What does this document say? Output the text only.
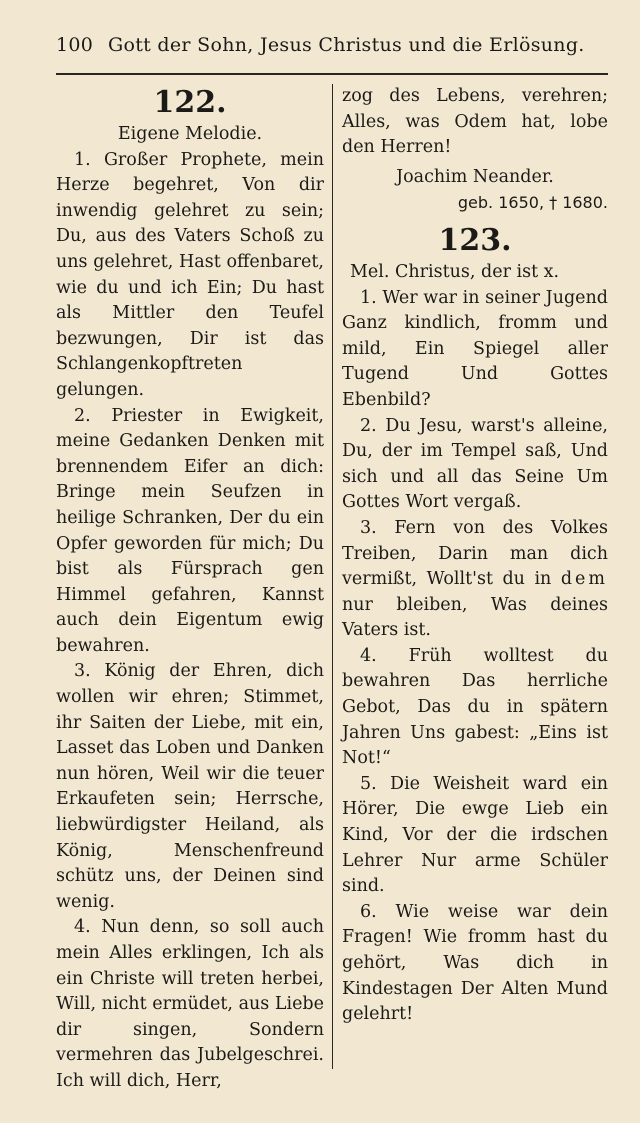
100 Gott der Sohn, Jesus Christus und die Erlösung.
122.
Eigene Melodie.

1. Großer Prophete, mein Herze begehret, Von dir inwendig gelehret zu sein; Du, aus des Vaters Schoß zu uns gelehret, Hast offenbaret, wie du und ich Ein; Du hast als Mittler den Teufel bezwungen, Dir ist das Schlangenkopftreten gelungen.

2. Priester in Ewigkeit, meine Gedanken Denken mit brennendem Eifer an dich: Bringe mein Seufzen in heilige Schranken, Der du ein Opfer geworden für mich; Du bist als Fürsprach gen Himmel gefahren, Kannst auch dein Eigentum ewig bewahren.

3. König der Ehren, dich wollen wir ehren; Stimmet, ihr Saiten der Liebe, mit ein, Lasset das Loben und Danken nun hören, Weil wir die teuer Erkaufeten sein; Herrsche, liebwürdigster Heiland, als König, Menschenfreund schütz uns, der Deinen sind wenig.

4. Nun denn, so soll auch mein Alles erklingen, Ich als ein Christe will treten herbei, Will, nicht ermüdet, aus Liebe dir singen, Sondern vermehren das Jubelgeschrei. Ich will dich, Herr,

zog des Lebens, verehren; Alles, was Odem hat, lobe den Herren!

Joachim Neander.
geb. 1650, † 1680.
123.
Mel. Christus, der ist x.

1. Wer war in seiner Jugend Ganz kindlich, fromm und mild, Ein Spiegel aller Tugend Und Gottes Ebenbild?

2. Du Jesu, warst's alleine, Du, der im Tempel saß, Und sich und all das Seine Um Gottes Wort vergaß.

3. Fern von des Volkes Treiben, Darin man dich vermißt, Wollt'st du in dem nur bleiben, Was deines Vaters ist.

4. Früh wolltest du bewahren Das herrliche Gebot, Das du in spätern Jahren Uns gabest: „Eins ist Not!“

5. Die Weisheit ward ein Hörer, Die ewge Lieb ein Kind, Vor der die irdschen Lehrer Nur arme Schüler sind.

6. Wie weise war dein Fragen! Wie fromm hast du gehört, Was dich in Kindestagen Der Alten Mund gelehrt!
